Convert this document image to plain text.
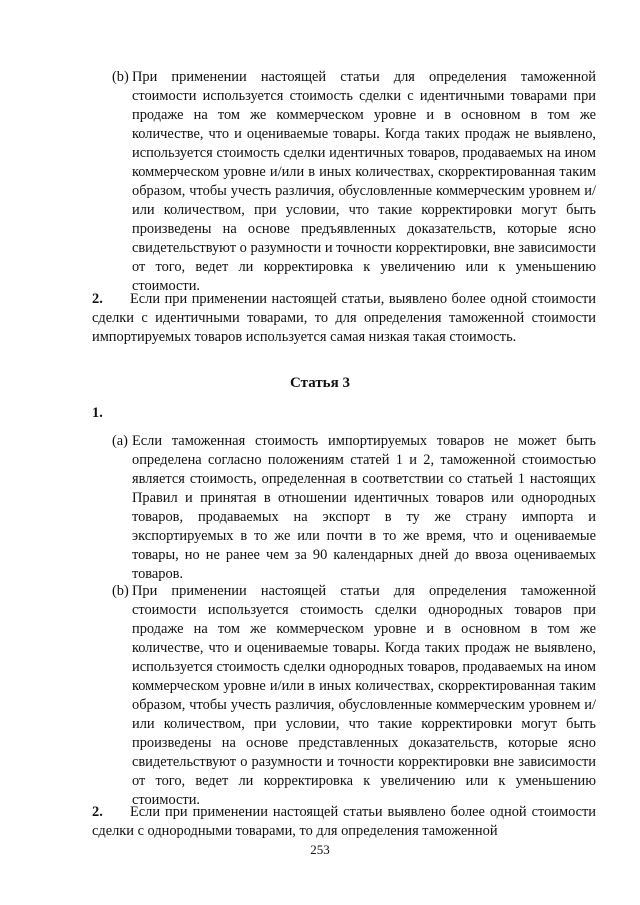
(b) При применении настоящей статьи для определения таможенной стоимости используется стоимость сделки с идентичными товарами при продаже на том же коммерческом уровне и в основном в том же количестве, что и оцениваемые товары. Когда таких продаж не выявлено, используется стоимость сделки идентичных товаров, продаваемых на ином коммерческом уровне и/или в иных количествах, скорректированная таким образом, чтобы учесть различия, обусловленные коммерческим уровнем и/или количеством, при условии, что такие корректировки могут быть произведены на основе предъявленных доказательств, которые ясно свидетельствуют о разумности и точности корректировки, вне зависимости от того, ведет ли корректировка к увеличению или к уменьшению стоимости.
2. Если при применении настоящей статьи, выявлено более одной стоимости сделки с идентичными товарами, то для определения таможенной стоимости импортируемых товаров используется самая низкая такая стоимость.
Статья 3
1.
(a) Если таможенная стоимость импортируемых товаров не может быть определена согласно положениям статей 1 и 2, таможенной стоимостью является стоимость, определенная в соответствии со статьей 1 настоящих Правил и принятая в отношении идентичных товаров или однородных товаров, продаваемых на экспорт в ту же страну импорта и экспортируемых в то же или почти в то же время, что и оцениваемые товары, но не ранее чем за 90 календарных дней до ввоза оцениваемых товаров.
(b) При применении настоящей статьи для определения таможенной стоимости используется стоимость сделки однородных товаров при продаже на том же коммерческом уровне и в основном в том же количестве, что и оцениваемые товары. Когда таких продаж не выявлено, используется стоимость сделки однородных товаров, продаваемых на ином коммерческом уровне и/или в иных количествах, скорректированная таким образом, чтобы учесть различия, обусловленные коммерческим уровнем и/или количеством, при условии, что такие корректировки могут быть произведены на основе представленных доказательств, которые ясно свидетельствуют о разумности и точности корректировки вне зависимости от того, ведет ли корректировка к увеличению или к уменьшению стоимости.
2. Если при применении настоящей статьи выявлено более одной стоимости сделки с однородными товарами, то для определения таможенной
253
